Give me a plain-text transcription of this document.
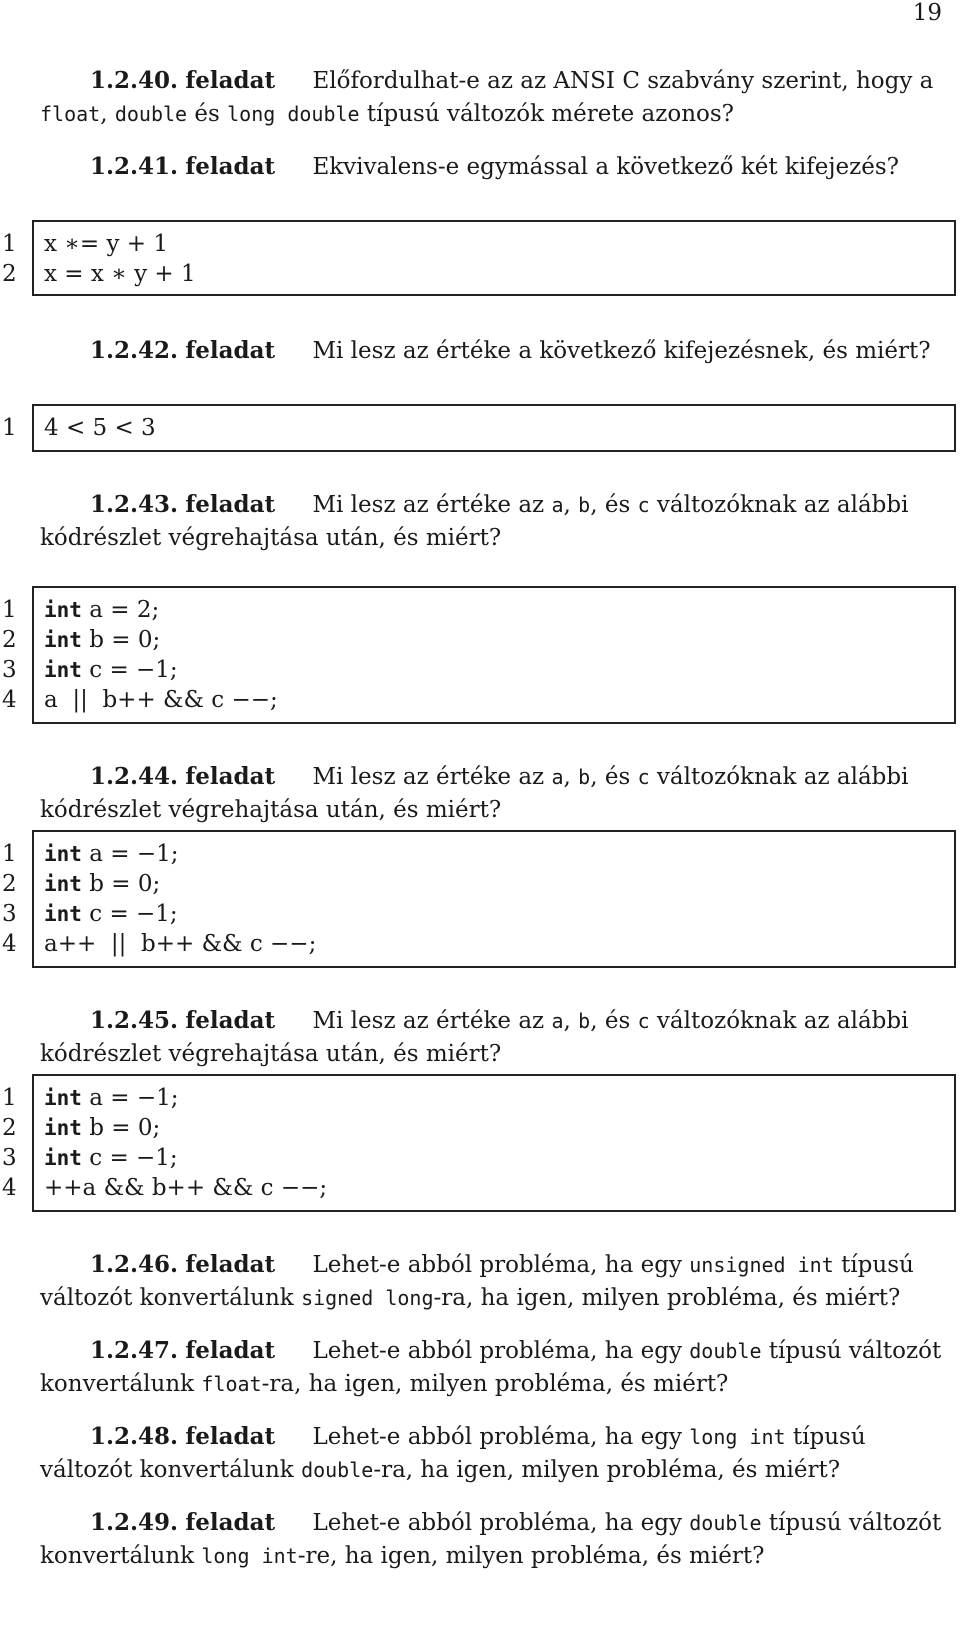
19
1.2.40. feladat Előfordulhat-e az az ANSI C szabvány szerint, hogy a
float, double és long double típusú változók mérete azonos?
1.2.41. feladat Ekvivalens-e egymással a következő két kifejezés?
1 x ∗= y + 1
2 x = x ∗ y + 1
1.2.42. feladat Mi lesz az értéke a következő kifejezésnek, és miért?
1 4 < 5 < 3
1.2.43. feladat Mi lesz az értéke az a, b, és c változóknak az alábbi
kódrészlet végrehajtása után, és miért?
1 int a = 2;
2 int b = 0;
3 int c = −1;
4 a  ||  b++ && c −−;
1.2.44. feladat Mi lesz az értéke az a, b, és c változóknak az alábbi
kódrészlet végrehajtása után, és miért?
1 int a = −1;
2 int b = 0;
3 int c = −1;
4 a++  ||  b++ && c −−;
1.2.45. feladat Mi lesz az értéke az a, b, és c változóknak az alábbi
kódrészlet végrehajtása után, és miért?
1 int a = −1;
2 int b = 0;
3 int c = −1;
4 ++a && b++ && c −−;
1.2.46. feladat Lehet-e abból probléma, ha egy unsigned int típusú
változót konvertálunk signed long-ra, ha igen, milyen probléma, és miért?
1.2.47. feladat Lehet-e abból probléma, ha egy double típusú változót
konvertálunk float-ra, ha igen, milyen probléma, és miért?
1.2.48. feladat Lehet-e abból probléma, ha egy long int típusú
változót konvertálunk double-ra, ha igen, milyen probléma, és miért?
1.2.49. feladat Lehet-e abból probléma, ha egy double típusú változót
konvertálunk long int-re, ha igen, milyen probléma, és miért?
